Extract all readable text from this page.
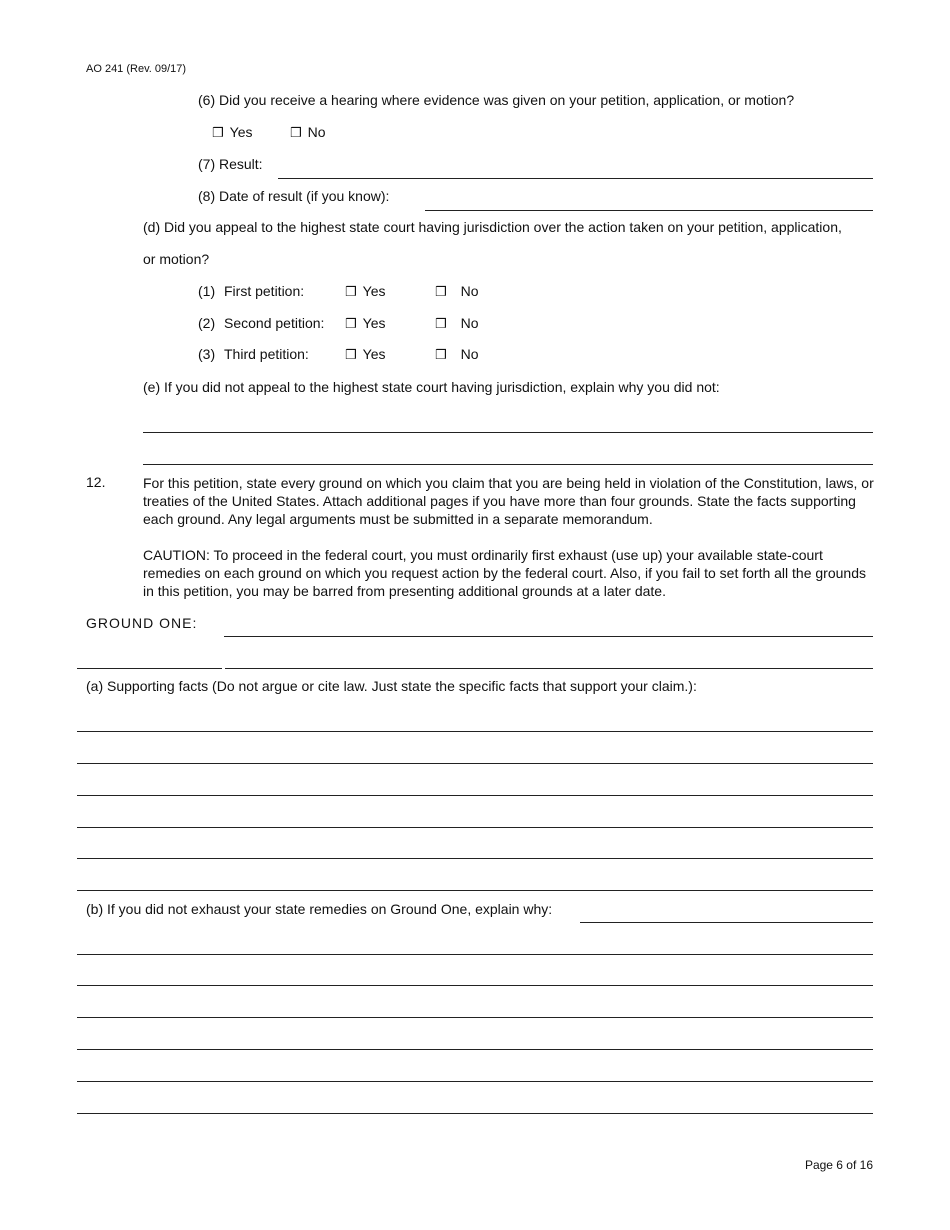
AO 241 (Rev. 09/17)
(6) Did you receive a hearing where evidence was given on your petition, application, or motion?
❒ Yes	❒ No
(7) Result:
(8) Date of result (if you know):
(d) Did you appeal to the highest state court having jurisdiction over the action taken on your petition, application,
or motion?
(1) First petition:	❒ Yes	❒ No
(2) Second petition: ❒ Yes	❒ No
(3) Third petition:	❒ Yes	❒ No
(e) If you did not appeal to the highest state court having jurisdiction, explain why you did not:
12.	For this petition, state every ground on which you claim that you are being held in violation of the Constitution, laws, or treaties of the United States. Attach additional pages if you have more than four grounds. State the facts supporting each ground. Any legal arguments must be submitted in a separate memorandum.
CAUTION: To proceed in the federal court, you must ordinarily first exhaust (use up) your available state-court remedies on each ground on which you request action by the federal court. Also, if you fail to set forth all the grounds in this petition, you may be barred from presenting additional grounds at a later date.
GROUND ONE:
(a) Supporting facts (Do not argue or cite law. Just state the specific facts that support your claim.):
(b) If you did not exhaust your state remedies on Ground One, explain why:
Page 6 of 16
